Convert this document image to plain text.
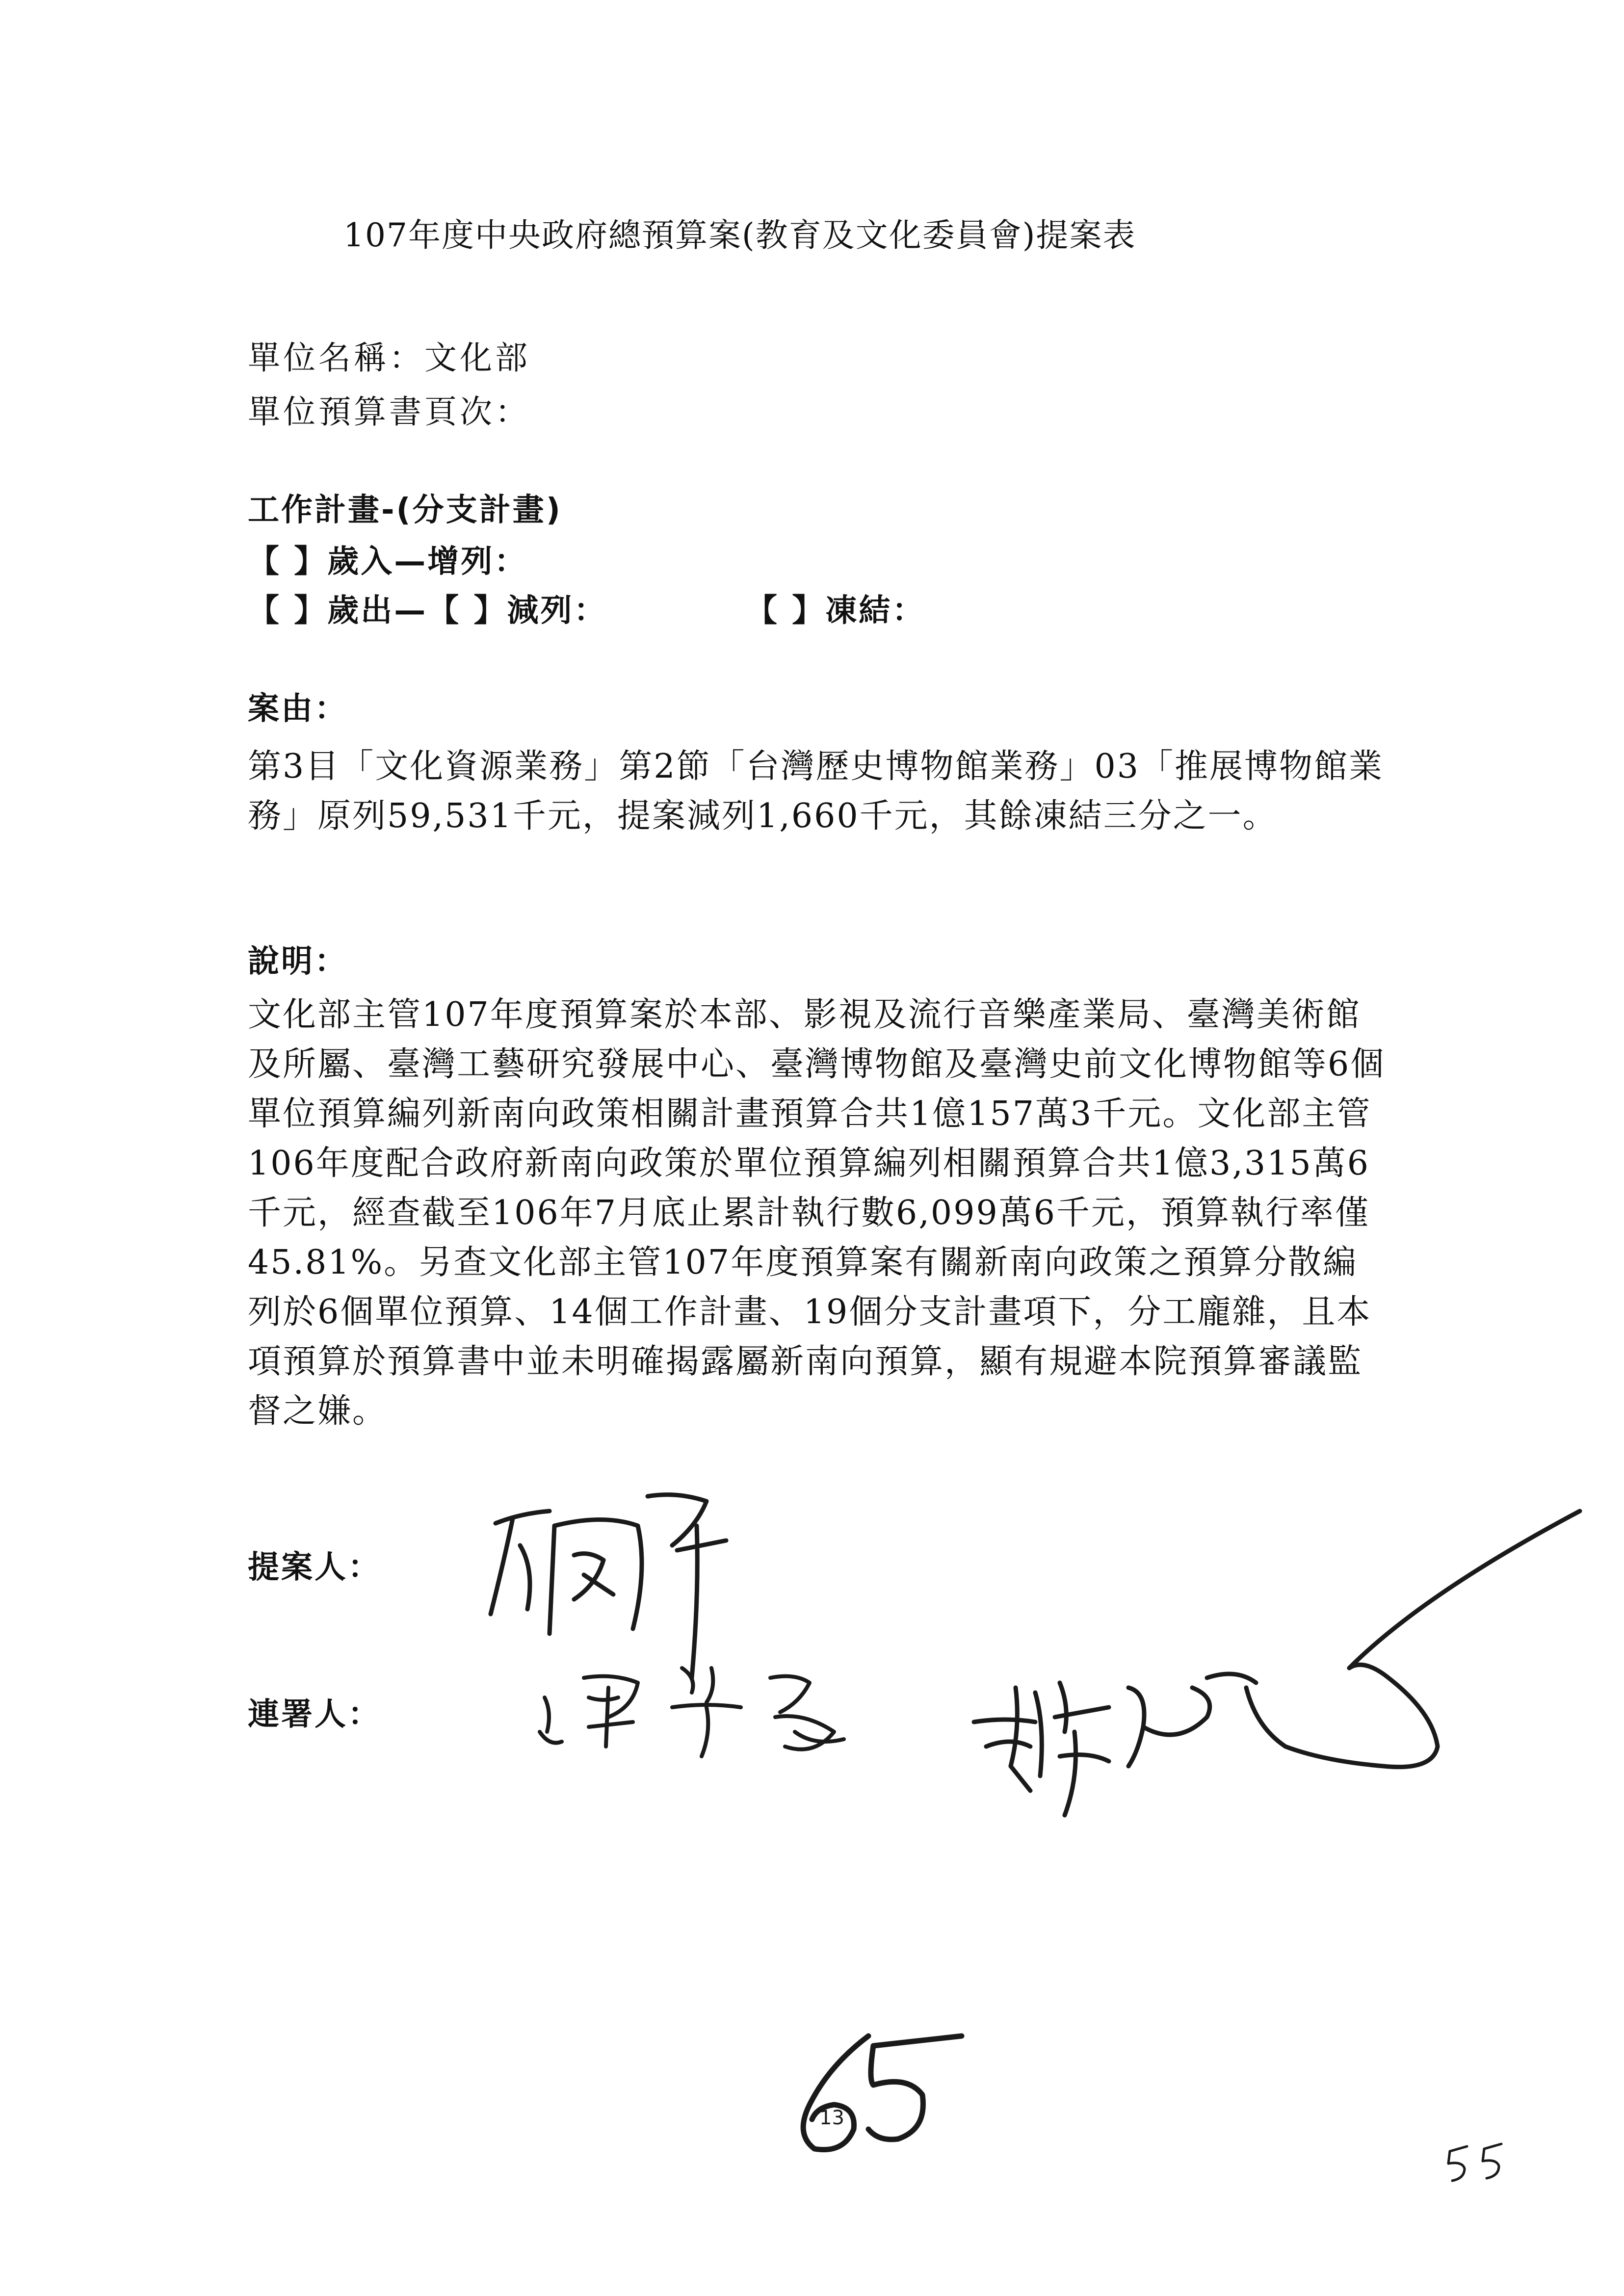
107年度中央政府總預算案(教育及文化委員會)提案表
單位名稱：文化部
單位預算書頁次：
工作計畫-(分支計畫)
【 】歲入—增列：
【 】歲出—【 】減列：	【 】凍結：
案由：
第3目「文化資源業務」第2節「台灣歷史博物館業務」03「推展博物館業務」原列59,531千元，提案減列1,660千元，其餘凍結三分之一。
說明：
文化部主管107年度預算案於本部、影視及流行音樂產業局、臺灣美術館及所屬、臺灣工藝研究發展中心、臺灣博物館及臺灣史前文化博物館等6個單位預算編列新南向政策相關計畫預算合共1億157萬3千元。文化部主管106年度配合政府新南向政策於單位預算編列相關預算合共1億3,315萬6千元，經查截至106年7月底止累計執行數6,099萬6千元，預算執行率僅45.81%。另查文化部主管107年度預算案有關新南向政策之預算分散編列於6個單位預算、14個工作計畫、19個分支計畫項下，分工龐雜，且本項預算於預算書中並未明確揭露屬新南向預算，顯有規避本院預算審議監督之嫌。
提案人：
連署人：
13
